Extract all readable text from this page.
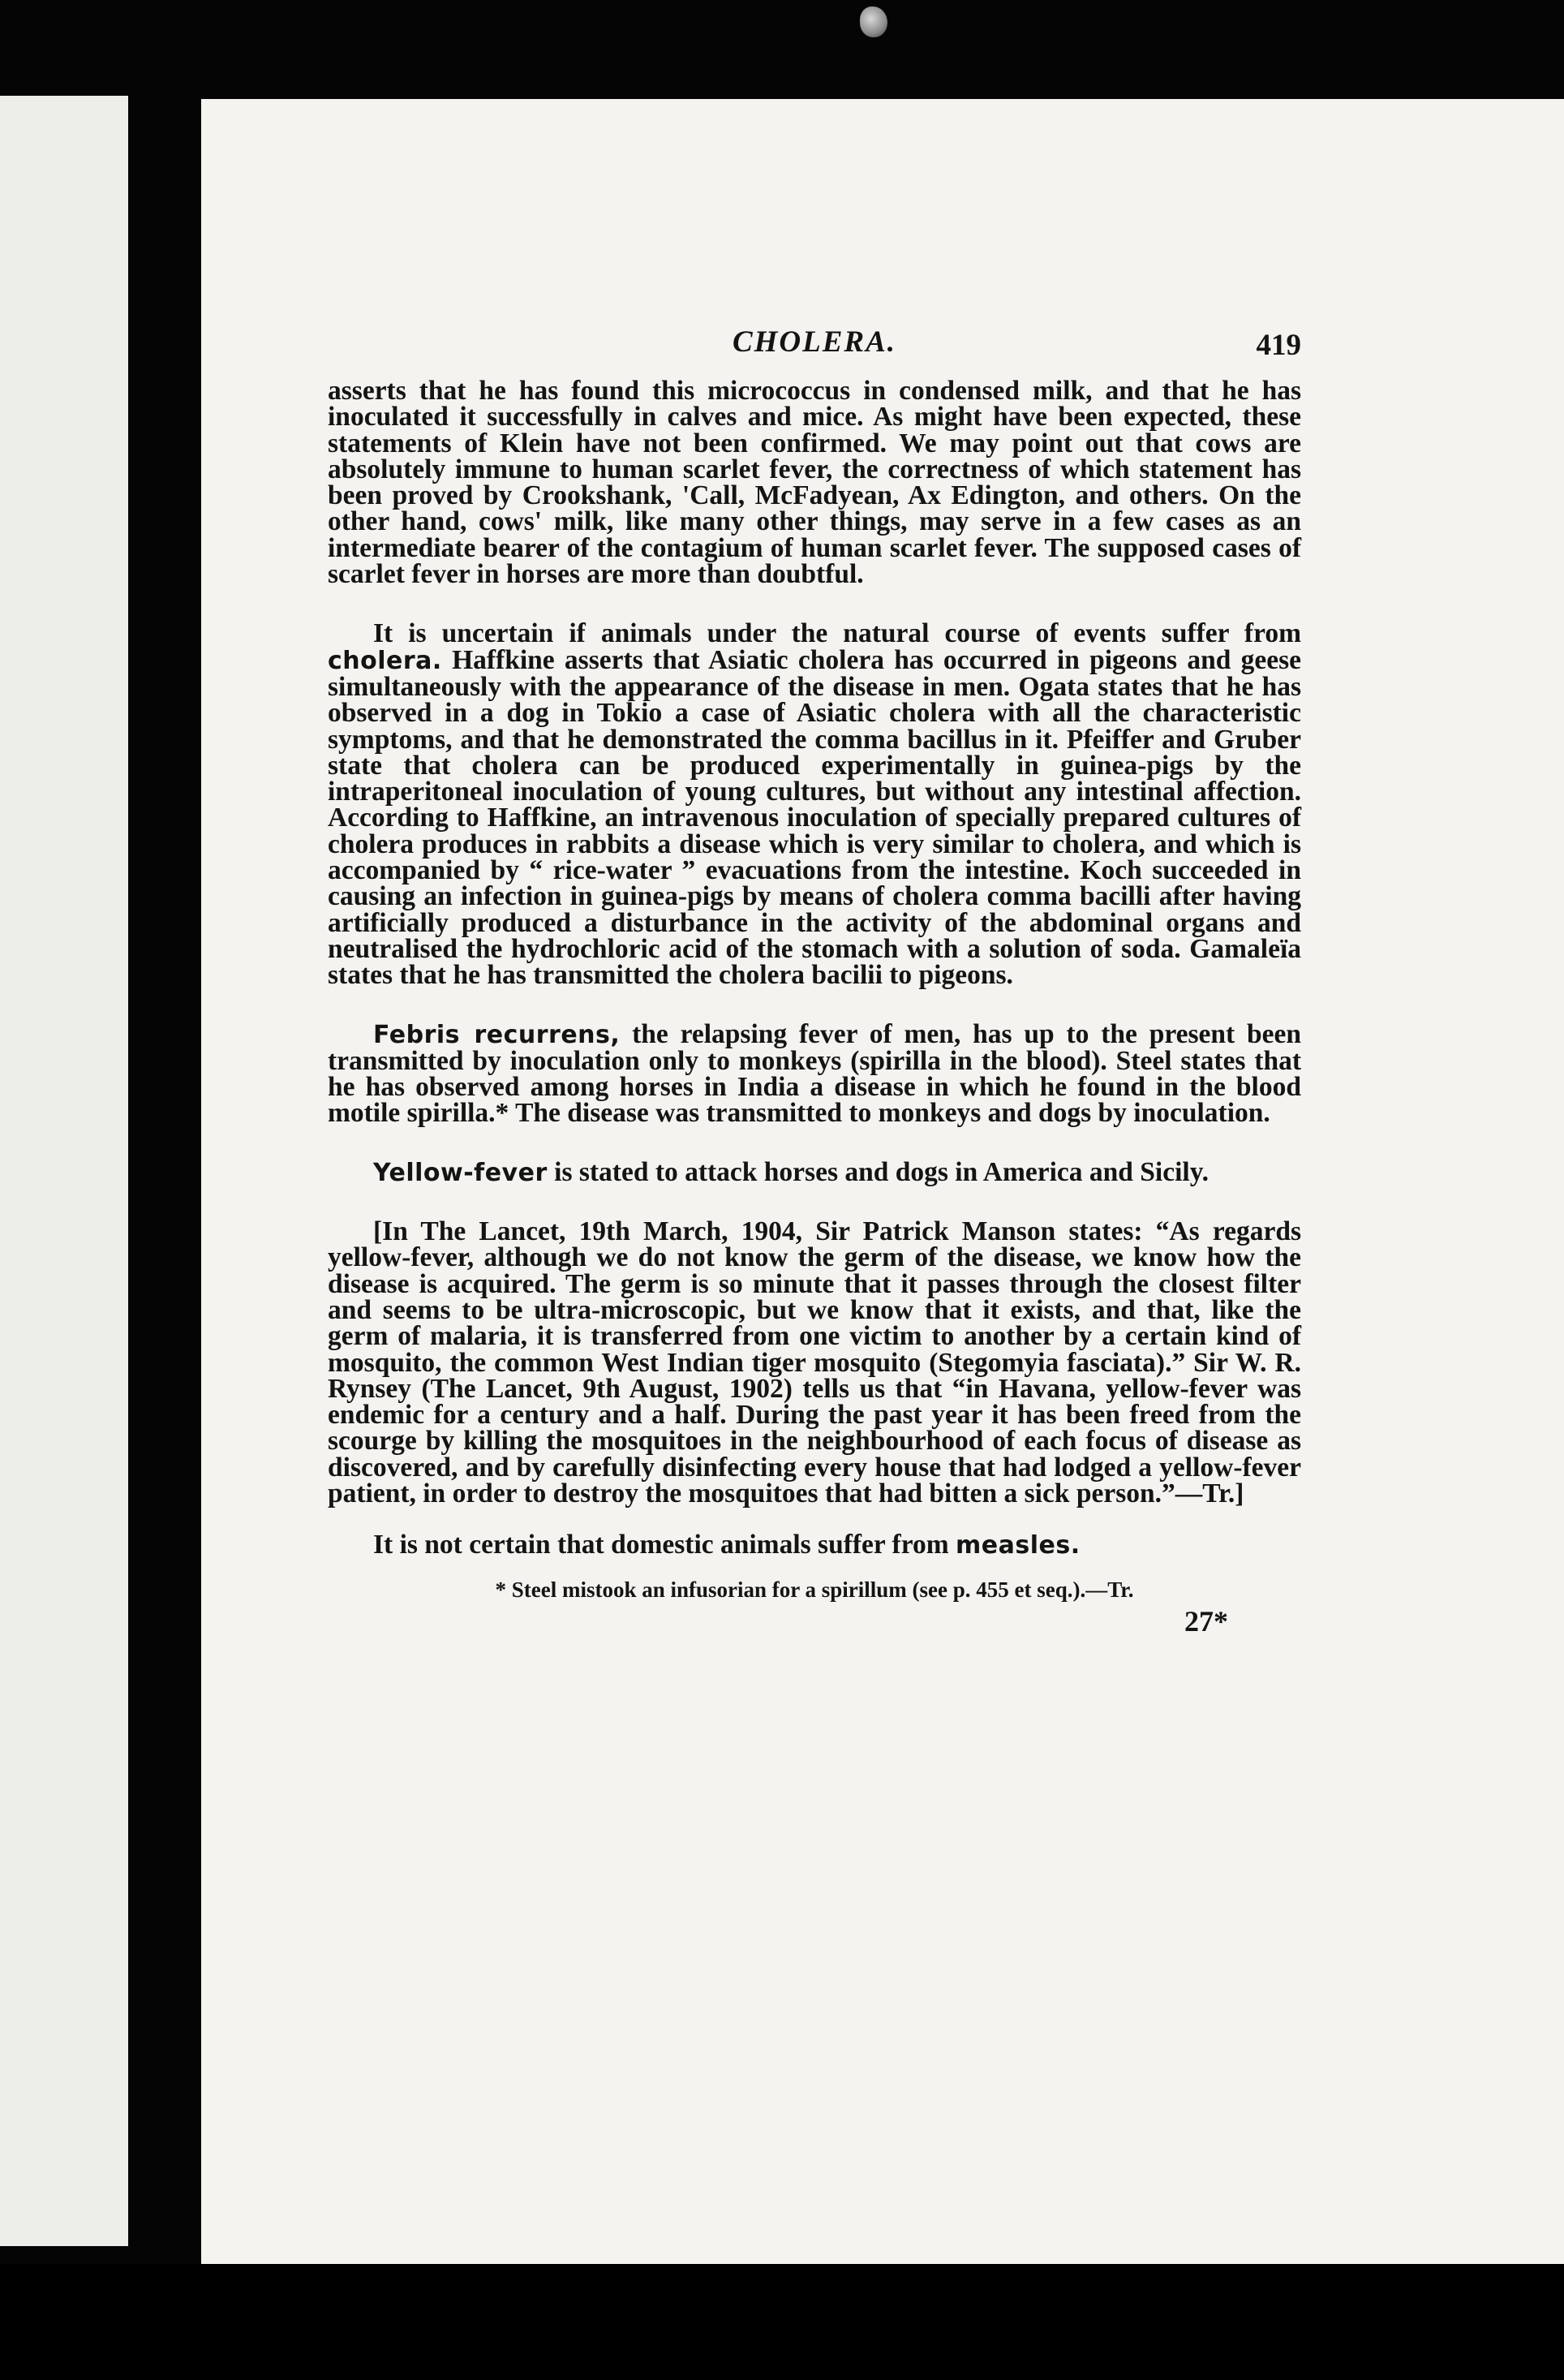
CHOLERA.	419

asserts that he has found this micrococcus in condensed milk, and that he has inoculated it successfully in calves and mice. As might have been expected, these statements of Klein have not been confirmed. We may point out that cows are absolutely immune to human scarlet fever, the correctness of which statement has been proved by Crookshank, 'Call, McFadyean, Ax Edington, and others. On the other hand, cows' milk, like many other things, may serve in a few cases as an intermediate bearer of the contagium of human scarlet fever. The supposed cases of scarlet fever in horses are more than doubtful.

It is uncertain if animals under the natural course of events suffer from cholera. Haffkine asserts that Asiatic cholera has occurred in pigeons and geese simultaneously with the appearance of the disease in men. Ogata states that he has observed in a dog in Tokio a case of Asiatic cholera with all the characteristic symptoms, and that he demonstrated the comma bacillus in it. Pfeiffer and Gruber state that cholera can be produced experimentally in guinea-pigs by the intraperitoneal inoculation of young cultures, but without any intestinal affection. According to Haffkine, an intravenous inoculation of specially prepared cultures of cholera produces in rabbits a disease which is very similar to cholera, and which is accompanied by “ rice-water ” evacuations from the intestine. Koch succeeded in causing an infection in guinea-pigs by means of cholera comma bacilli after having artificially produced a disturbance in the activity of the abdominal organs and neutralised the hydrochloric acid of the stomach with a solution of soda. Gamaleïa states that he has transmitted the cholera bacilii to pigeons.

Febris recurrens, the relapsing fever of men, has up to the present been transmitted by inoculation only to monkeys (spirilla in the blood). Steel states that he has observed among horses in India a disease in which he found in the blood motile spirilla.* The disease was transmitted to monkeys and dogs by inoculation.

Yellow-fever is stated to attack horses and dogs in America and Sicily.

[In The Lancet, 19th March, 1904, Sir Patrick Manson states: “As regards yellow-fever, although we do not know the germ of the disease, we know how the disease is acquired. The germ is so minute that it passes through the closest filter and seems to be ultra-microscopic, but we know that it exists, and that, like the germ of malaria, it is transferred from one victim to another by a certain kind of mosquito, the common West Indian tiger mosquito (Stegomyia fasciata).” Sir W. R. Rynsey (The Lancet, 9th August, 1902) tells us that “in Havana, yellow-fever was endemic for a century and a half. During the past year it has been freed from the scourge by killing the mosquitoes in the neighbourhood of each focus of disease as discovered, and by carefully disinfecting every house that had lodged a yellow-fever patient, in order to destroy the mosquitoes that had bitten a sick person.”—Tr.]

It is not certain that domestic animals suffer from measles.

* Steel mistook an infusorian for a spirillum (see p. 455 et seq.).—Tr.

27*
